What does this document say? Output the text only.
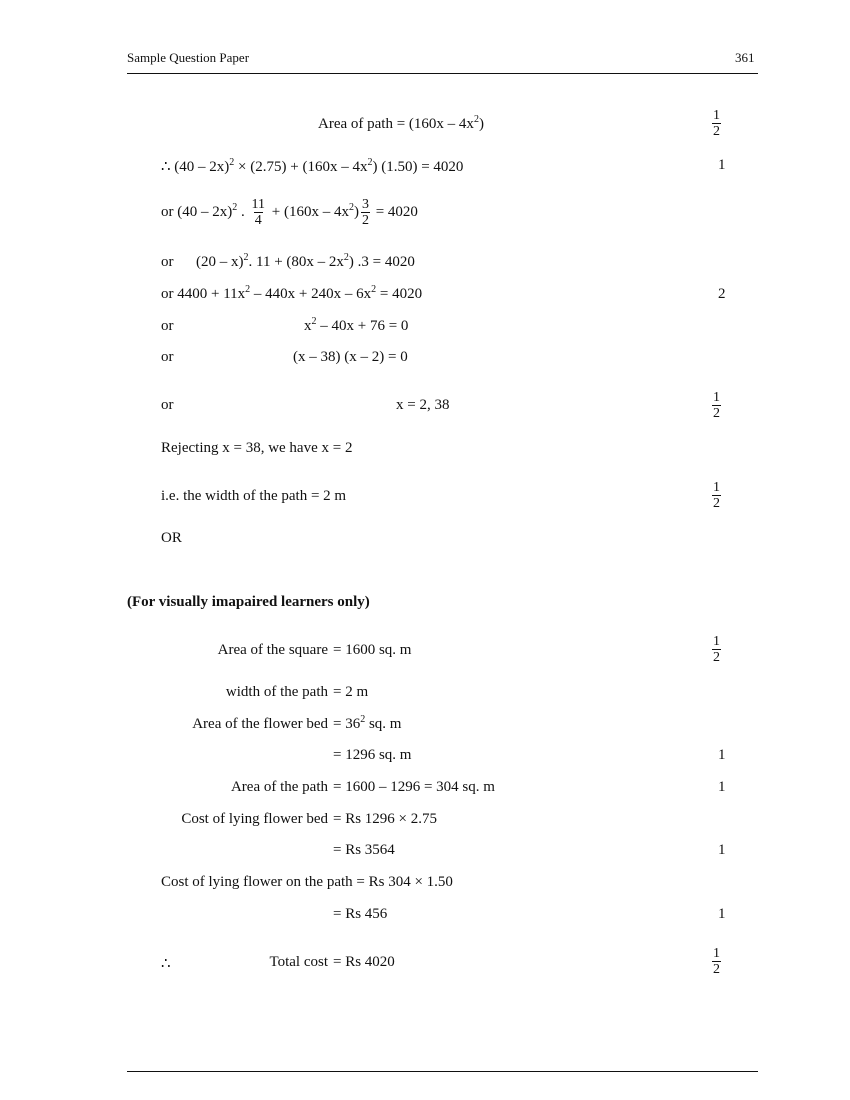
Sample Question Paper	361
Area of path = $(160x - 4x^2)$	$\frac{1}{2}$
∴ $(40 - 2x)^2 \times (2.75) + (160x - 4x^2)$ (1.50) = 4020	1
or (40 – 2x)$^2$ . $\frac{11}{4} + (160x - 4x^2) \frac{3}{2} = 4020$
or (20 – x)$^2$. $11 + (80x - 2x^2)$ .3 = 4020
or $4400 + 11x^2 - 440x + 240x - 6x^2 = 4020$	2
or	$x^2 - 40x + 76 = 0$
or	(x – 38) (x – 2) = 0
or	x = 2, 38	$\frac{1}{2}$
Rejecting x = 38, we have x = 2
i.e. the width of the path = 2 m	$\frac{1}{2}$
OR
(For visually imapaired learners only)
Area of the square = 1600 sq. m	$\frac{1}{2}$
width of the path = 2 m
Area of the flower bed = $36^2$ sq. m
= 1296 sq. m	1
Area of the path = 1600 – 1296 = 304 sq. m	1
Cost of lying flower bed = Rs 1296 × 2.75
= Rs 3564	1
Cost of lying flower on the path = Rs 304 × 1.50
= Rs 456	1
∴	Total cost = Rs 4020	$\frac{1}{2}$
